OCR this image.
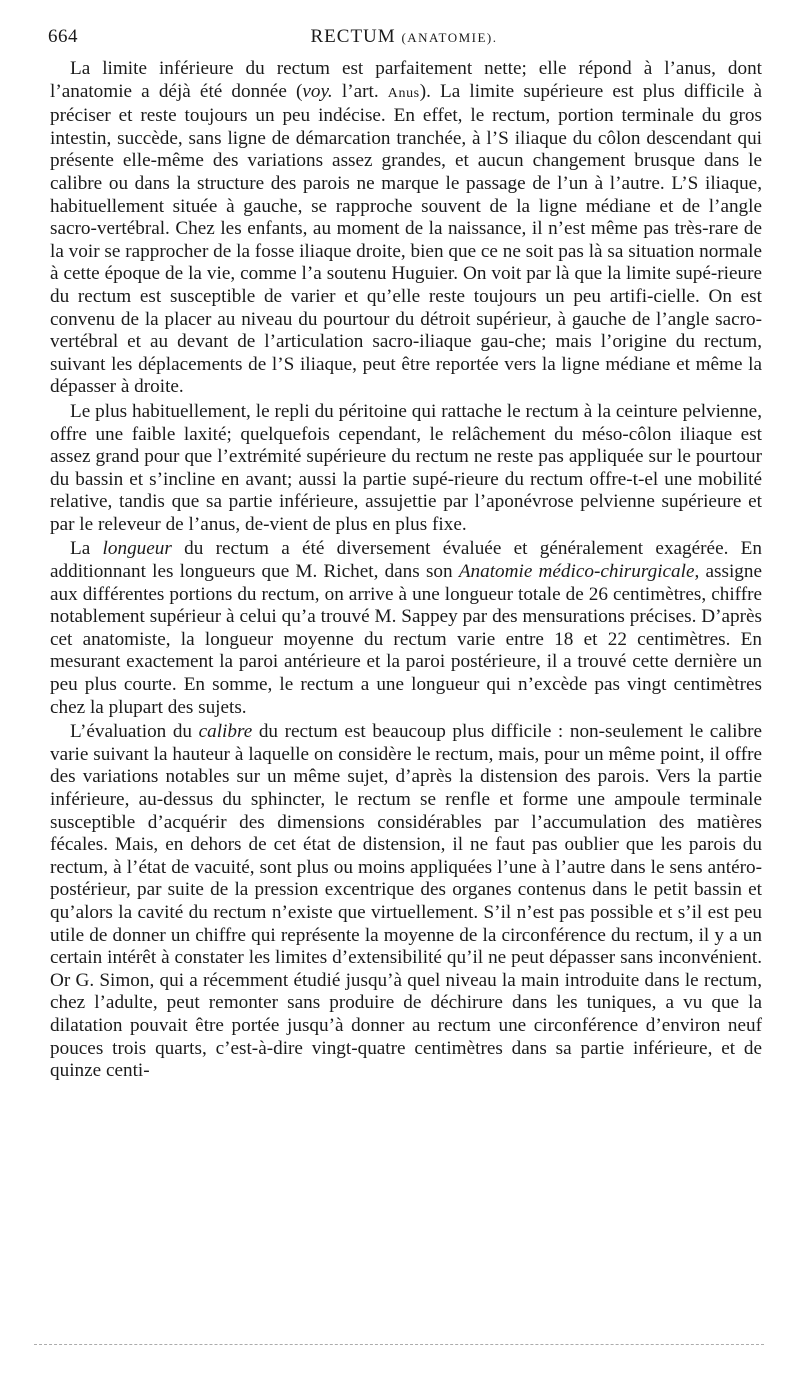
664	RECTUM (ANATOMIE).

La limite inférieure du rectum est parfaitement nette; elle répond à l’anus, dont l’anatomie a déjà été donnée (voy. l’art. Anus). La limite supérieure est plus difficile à préciser et reste toujours un peu indécise. En effet, le rectum, portion terminale du gros intestin, succède, sans ligne de démarcation tranchée, à l’S iliaque du côlon descendant qui présente elle-même des variations assez grandes, et aucun changement brusque dans le calibre ou dans la structure des parois ne marque le passage de l’un à l’autre. L’S iliaque, habituellement située à gauche, se rapproche souvent de la ligne médiane et de l’angle sacro-vertébral. Chez les enfants, au moment de la naissance, il n’est même pas très-rare de la voir se rapprocher de la fosse iliaque droite, bien que ce ne soit pas là sa situation normale à cette époque de la vie, comme l’a soutenu Huguier. On voit par là que la limite supé-rieure du rectum est susceptible de varier et qu’elle reste toujours un peu artifi-cielle. On est convenu de la placer au niveau du pourtour du détroit supérieur, à gauche de l’angle sacro-vertébral et au devant de l’articulation sacro-iliaque gau-che; mais l’origine du rectum, suivant les déplacements de l’S iliaque, peut être reportée vers la ligne médiane et même la dépasser à droite.

Le plus habituellement, le repli du péritoine qui rattache le rectum à la ceinture pelvienne, offre une faible laxité; quelquefois cependant, le relâchement du méso-côlon iliaque est assez grand pour que l’extrémité supérieure du rectum ne reste pas appliquée sur le pourtour du bassin et s’incline en avant; aussi la partie supé-rieure du rectum offre-t-el une mobilité relative, tandis que sa partie inférieure, assujettie par l’aponévrose pelvienne supérieure et par le releveur de l’anus, de-vient de plus en plus fixe.

La longueur du rectum a été diversement évaluée et généralement exagérée. En additionnant les longueurs que M. Richet, dans son Anatomie médico-chirurgicale, assigne aux différentes portions du rectum, on arrive à une longueur totale de 26 centimètres, chiffre notablement supérieur à celui qu’a trouvé M. Sappey par des mensurations précises. D’après cet anatomiste, la longueur moyenne du rectum varie entre 18 et 22 centimètres. En mesurant exactement la paroi antérieure et la paroi postérieure, il a trouvé cette dernière un peu plus courte. En somme, le rectum a une longueur qui n’excède pas vingt centimètres chez la plupart des sujets.

L’évaluation du calibre du rectum est beaucoup plus difficile : non-seulement le calibre varie suivant la hauteur à laquelle on considère le rectum, mais, pour un même point, il offre des variations notables sur un même sujet, d’après la distension des parois. Vers la partie inférieure, au-dessus du sphincter, le rectum se renfle et forme une ampoule terminale susceptible d’acquérir des dimensions considérables par l’accumulation des matières fécales. Mais, en dehors de cet état de distension, il ne faut pas oublier que les parois du rectum, à l’état de vacuité, sont plus ou moins appliquées l’une à l’autre dans le sens antéro-postérieur, par suite de la pression excentrique des organes contenus dans le petit bassin et qu’alors la cavité du rectum n’existe que virtuellement. S’il n’est pas possible et s’il est peu utile de donner un chiffre qui représente la moyenne de la circonférence du rectum, il y a un certain intérêt à constater les limites d’extensibilité qu’il ne peut dépasser sans inconvénient. Or G. Simon, qui a récemment étudié jusqu’à quel niveau la main introduite dans le rectum, chez l’adulte, peut remonter sans produire de déchirure dans les tuniques, a vu que la dilatation pouvait être portée jusqu’à donner au rectum une circonférence d’environ neuf pouces trois quarts, c’est-à-dire vingt-quatre centimètres dans sa partie inférieure, et de quinze centi-
